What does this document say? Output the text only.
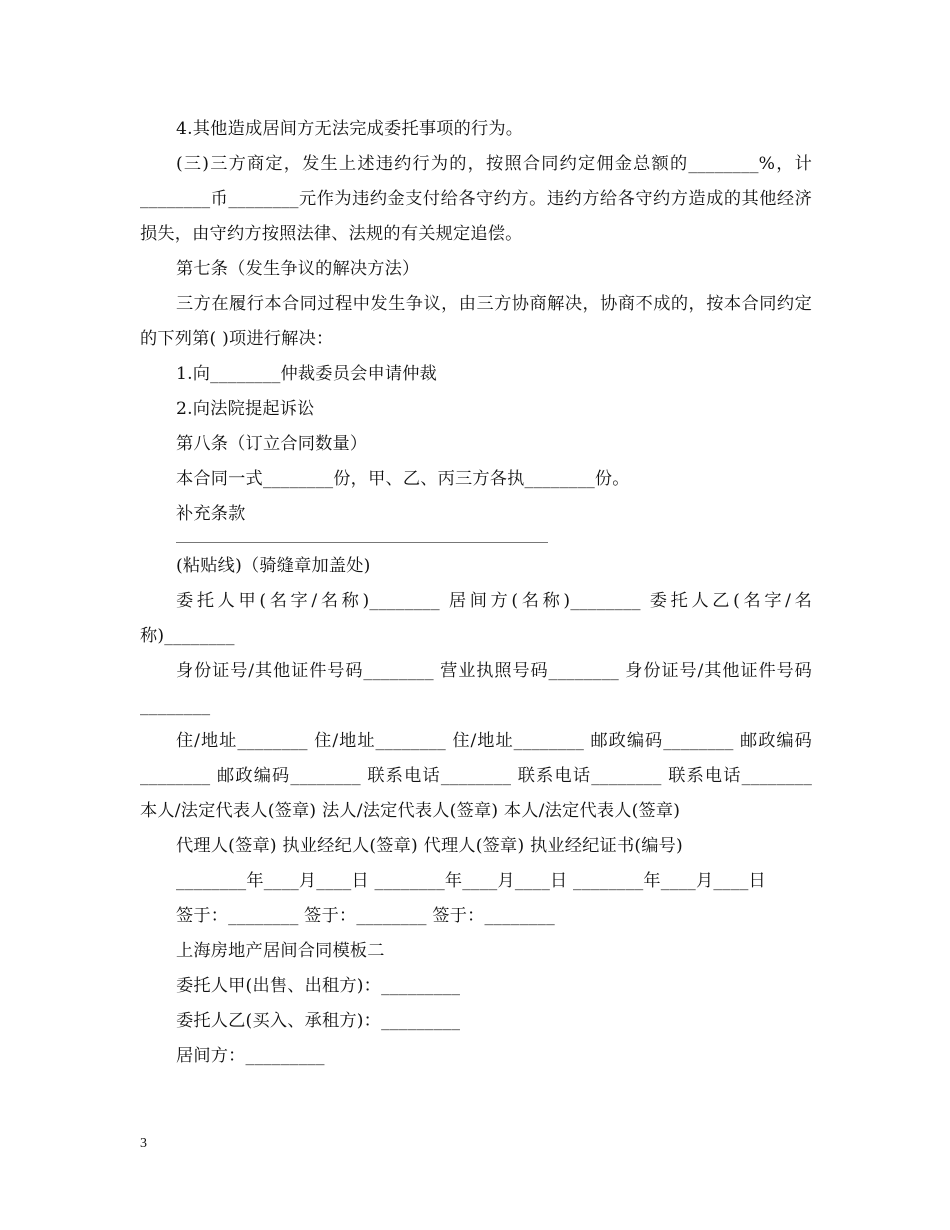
4.其他造成居间方无法完成委托事项的行为。

(三)三方商定，发生上述违约行为的，按照合同约定佣金总额的________%，计________币________元作为违约金支付给各守约方。违约方给各守约方造成的其他经济损失，由守约方按照法律、法规的有关规定追偿。

第七条（发生争议的解决方法）

三方在履行本合同过程中发生争议，由三方协商解决，协商不成的，按本合同约定的下列第( )项进行解决：

1.向________仲裁委员会申请仲裁

2.向法院提起诉讼

第八条（订立合同数量）

本合同一式________份，甲、乙、丙三方各执________份。

补充条款

(粘贴线)（骑缝章加盖处)

委托人甲(名字/名称)________ 居间方(名称)________ 委托人乙(名字/名称)________

身份证号/其他证件号码________ 营业执照号码________ 身份证号/其他证件号码________

住/地址________ 住/地址________ 住/地址________ 邮政编码________ 邮政编码________ 邮政编码________ 联系电话________ 联系电话________ 联系电话________ 本人/法定代表人(签章) 法人/法定代表人(签章) 本人/法定代表人(签章)

代理人(签章) 执业经纪人(签章) 代理人(签章) 执业经纪证书(编号)

________年____月____日 ________年____月____日 ________年____月____日

签于：________ 签于：________ 签于：________

上海房地产居间合同模板二

委托人甲(出售、出租方)：_________

委托人乙(买入、承租方)：_________

居间方：_________

3
